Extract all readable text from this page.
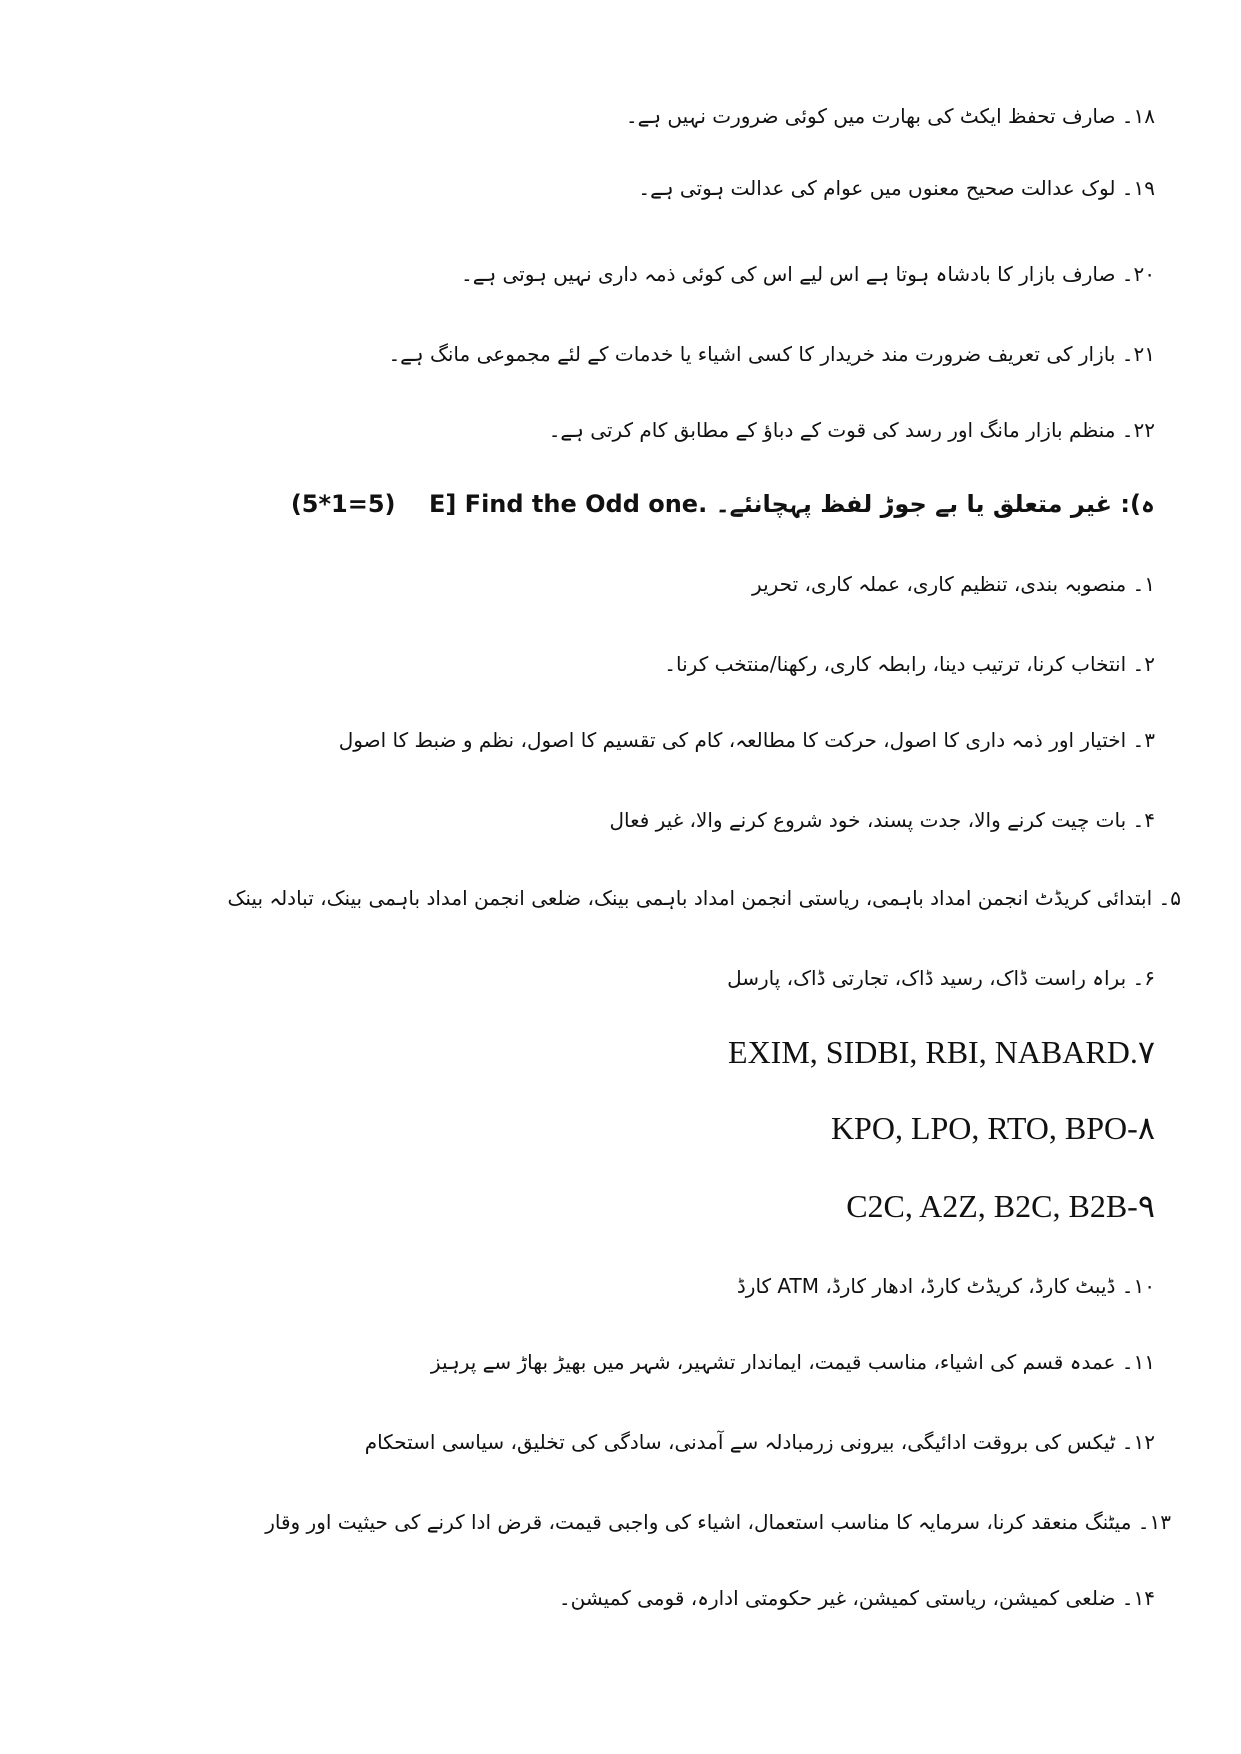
۱۸۔ صارف تحفظ ایکٹ کی بھارت میں کوئی ضرورت نہیں ہے۔
۱۹۔ لوک عدالت صحیح معنوں میں عوام کی عدالت ہوتی ہے۔
۲۰۔ صارف بازار کا بادشاہ ہوتا ہے اس لیے اس کی کوئی ذمہ داری نہیں ہوتی ہے۔
۲۱۔ بازار کی تعریف ضرورت مند خریدار کا کسی اشیاء یا خدمات کے لئے مجموعی مانگ ہے۔
۲۲۔ منظم بازار مانگ اور رسد کی قوت کے دباؤ کے مطابق کام کرتی ہے۔
(5*1=5) E] Find the Odd one. ہ): غیر متعلق یا بے جوڑ لفظ پہچانئے۔
۱۔ منصوبہ بندی، تنظیم کاری، عملہ کاری، تحریر
۲۔ انتخاب کرنا، ترتیب دینا، رابطہ کاری، رکھنا/منتخب کرنا۔
۳۔ اختیار اور ذمہ داری کا اصول، حرکت کا مطالعہ، کام کی تقسیم کا اصول، نظم و ضبط کا اصول
۴۔ بات چیت کرنے والا، جدت پسند، خود شروع کرنے والا، غیر فعال
۵۔ ابتدائی کریڈٹ انجمن امداد باہمی، ریاستی انجمن امداد باہمی بینک، ضلعی انجمن امداد باہمی بینک، تبادلہ بینک
۶۔ براہ راست ڈاک، رسید ڈاک، تجارتی ڈاک، پارسل
EXIM, SIDBI, RBI, NABARD.۷
KPO, LPO, RTO, BPO-۸
C2C, A2Z, B2C, B2B-۹
۱۰۔ ڈیبٹ کارڈ، کریڈٹ کارڈ، ادھار کارڈ، ATM کارڈ
۱۱۔ عمدہ قسم کی اشیاء، مناسب قیمت، ایماندار تشہیر، شہر میں بھیڑ بھاڑ سے پرہیز
۱۲۔ ٹیکس کی بروقت ادائیگی، بیرونی زرمبادلہ سے آمدنی، سادگی کی تخلیق، سیاسی استحکام
۱۳۔ میٹنگ منعقد کرنا، سرمایہ کا مناسب استعمال، اشیاء کی واجبی قیمت، قرض ادا کرنے کی حیثیت اور وقار
۱۴۔ ضلعی کمیشن، ریاستی کمیشن، غیر حکومتی ادارہ، قومی کمیشن۔
